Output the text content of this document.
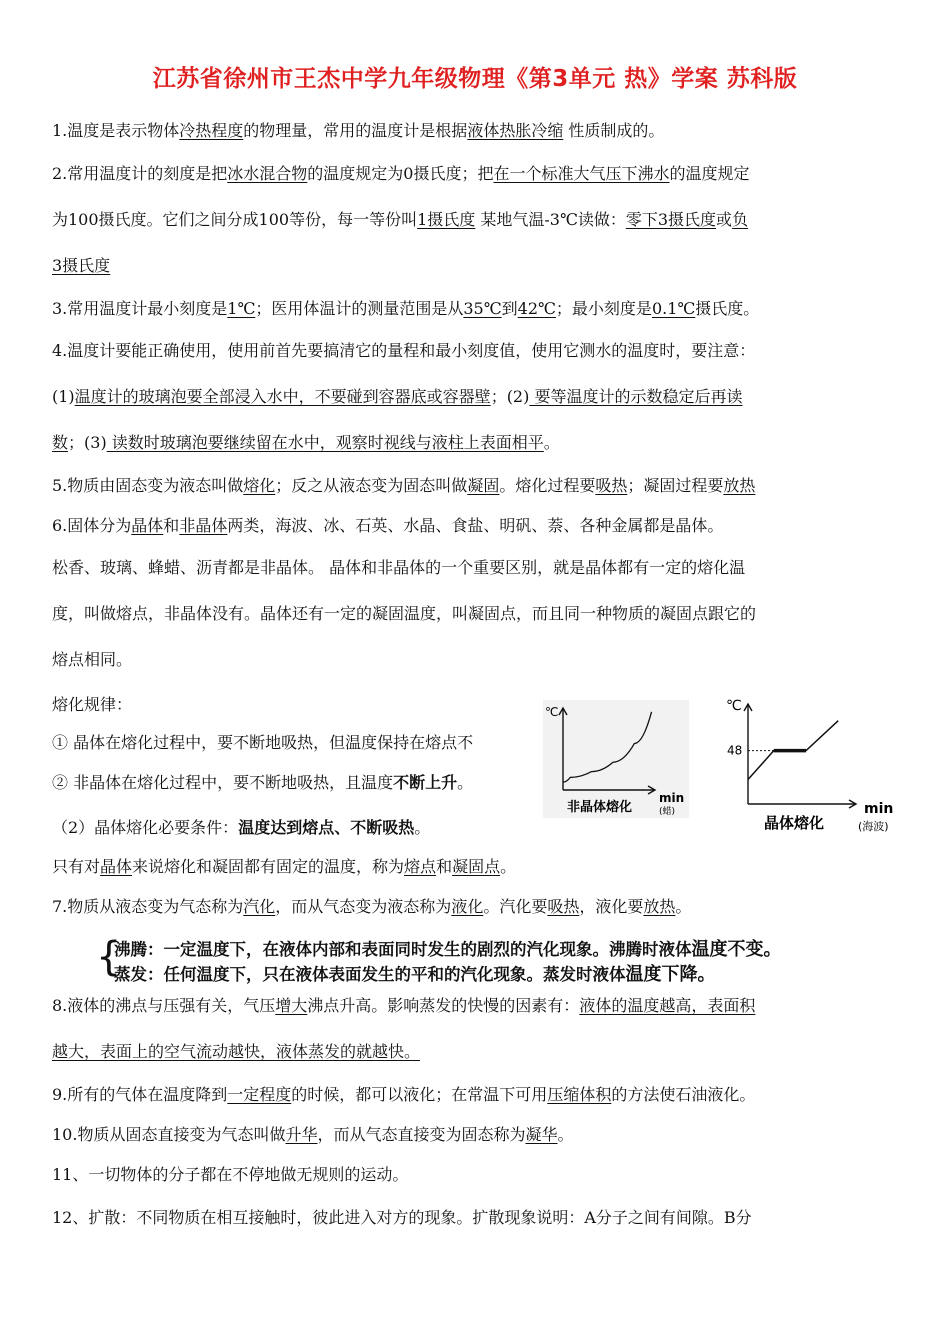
江苏省徐州市王杰中学九年级物理《第3单元 热》学案 苏科版
1.温度是表示物体冷热程度的物理量，常用的温度计是根据液体热胀冷缩 性质制成的。
2.常用温度计的刻度是把冰水混合物的温度规定为0摄氏度；把在一个标准大气压下沸水的温度规定
为100摄氏度。它们之间分成100等份，每一等份叫1摄氏度 某地气温-3℃读做：零下3摄氏度或负
3摄氏度
3.常用温度计最小刻度是1℃；医用体温计的测量范围是从35℃到42℃；最小刻度是0.1℃摄氏度。
4.温度计要能正确使用，使用前首先要搞清它的量程和最小刻度值，使用它测水的温度时，要注意：
(1)温度计的玻璃泡要全部浸入水中，不要碰到容器底或容器壁；(2) 要等温度计的示数稳定后再读
数；(3) 读数时玻璃泡要继续留在水中，观察时视线与液柱上表面相平。
5.物质由固态变为液态叫做熔化；反之从液态变为固态叫做凝固。熔化过程要吸热；凝固过程要放热
6.固体分为晶体和非晶体两类，海波、冰、石英、水晶、食盐、明矾、萘、各种金属都是晶体。
松香、玻璃、蜂蜡、沥青都是非晶体。 晶体和非晶体的一个重要区别，就是晶体都有一定的熔化温
度，叫做熔点，非晶体没有。晶体还有一定的凝固温度，叫凝固点，而且同一种物质的凝固点跟它的
熔点相同。
熔化规律：
① 晶体在熔化过程中，要不断地吸热，但温度保持在熔点不
② 非晶体在熔化过程中，要不断地吸热，且温度不断上升。
（2）晶体熔化必要条件：温度达到熔点、不断吸热。
只有对晶体来说熔化和凝固都有固定的温度，称为熔点和凝固点。
℃
min
(蜡)
非晶体熔化
℃
48
min
(海波)
晶体熔化
7.物质从液态变为气态称为汽化，而从气态变为液态称为液化。汽化要吸热，液化要放热。
{
沸腾：一定温度下，在液体内部和表面同时发生的剧烈的汽化现象。沸腾时液体温度不变。
蒸发：任何温度下，只在液体表面发生的平和的汽化现象。蒸发时液体温度下降。
8.液体的沸点与压强有关，气压增大沸点升高。影响蒸发的快慢的因素有：液体的温度越高，表面积
越大，表面上的空气流动越快，液体蒸发的就越快。
9.所有的气体在温度降到一定程度的时候，都可以液化；在常温下可用压缩体积的方法使石油液化。
10.物质从固态直接变为气态叫做升华，而从气态直接变为固态称为凝华。
11、一切物体的分子都在不停地做无规则的运动。
12、扩散：不同物质在相互接触时，彼此进入对方的现象。扩散现象说明：A分子之间有间隙。B分
